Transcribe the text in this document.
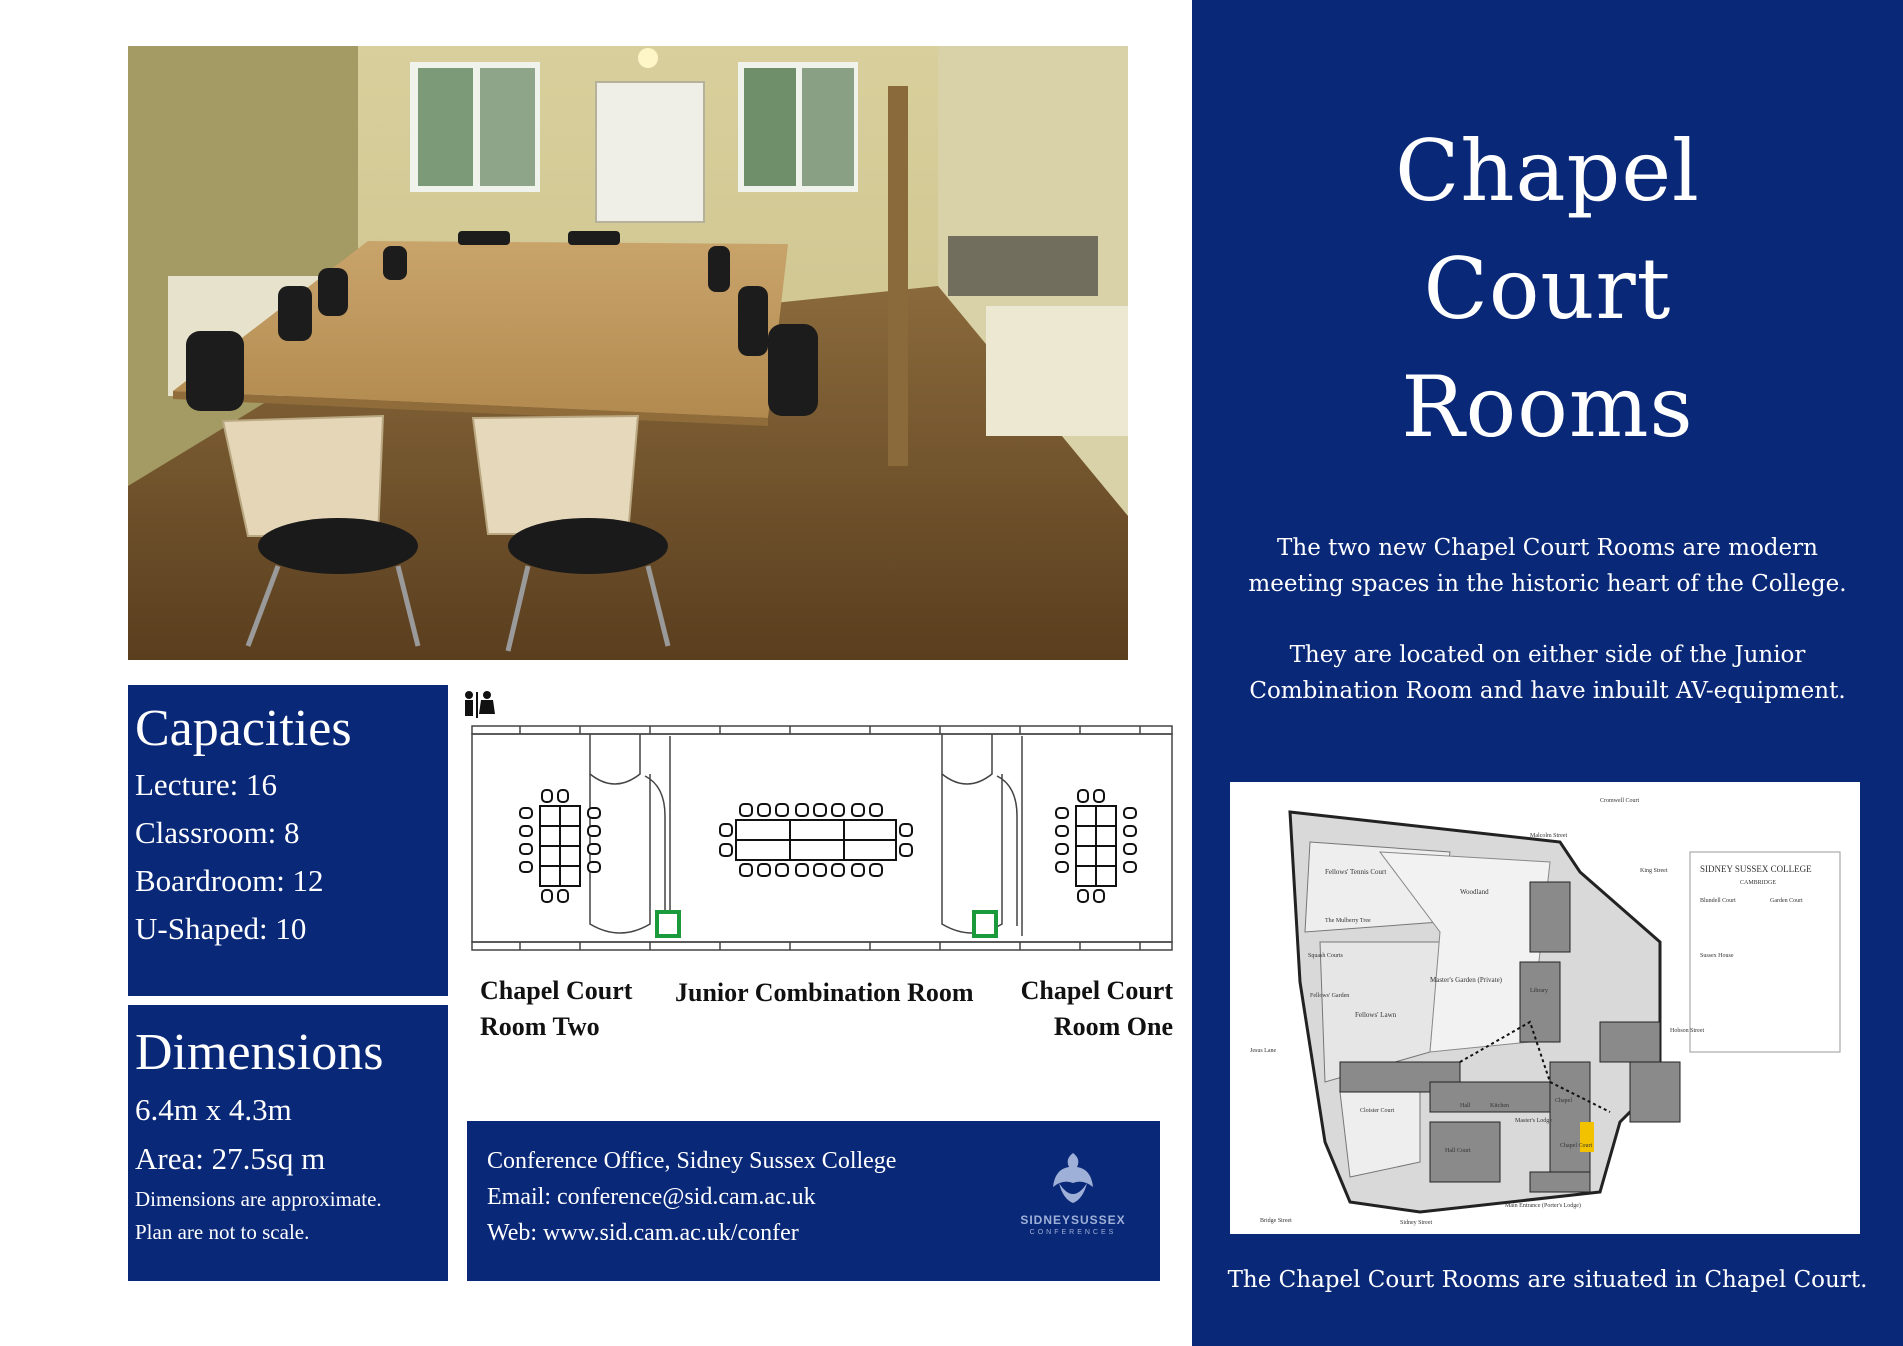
Capacities
Lecture: 16
Classroom: 8
Boardroom: 12
U-Shaped: 10
Dimensions
6.4m x 4.3m
Area: 27.5sq m
Dimensions are approximate.
Plan are not to scale.
Chapel Court
Room Two
Junior Combination Room	Chapel Court
Room One
Conference Office, Sidney Sussex College
Email: conference@sid.cam.ac.uk
Web: www.sid.cam.ac.uk/confer	SIDNEYSUSSEX
CONFERENCES
Chapel
Court
Rooms
The two new Chapel Court Rooms are modern
meeting spaces in the historic heart of the College.
They are located on either side of the Junior
Combination Room and have inbuilt AV-equipment.
SIDNEY SUSSEX COLLEGE
CAMBRIDGE
Blundell Court	Garden Court
Sussex House
Fellows' Tennis Court
Woodland
Master's Garden (Private)
Fellows' Lawn
Cloister Court
Hall Court
Chapel Court
The Mulberry Tree
Squash Courts
Fellows' Garden
Library
Hall	Kitchen
Master's Lodge
Chapel
Cromwell Court
Main Entrance (Porter's Lodge)
Sidney Street
Jesus Lane
Bridge Street
Hobson Street
Malcolm Street
King Street
The Chapel Court Rooms are situated in Chapel Court.
